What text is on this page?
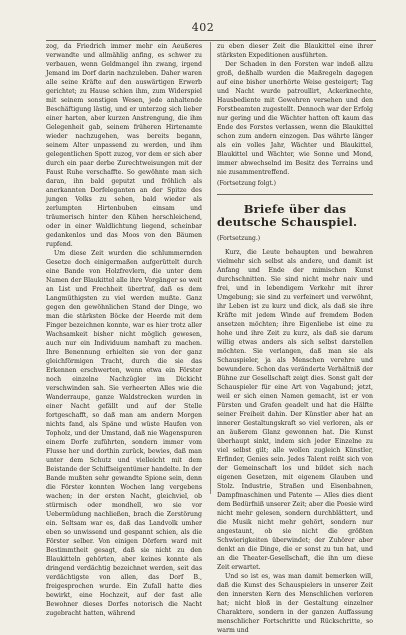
402

zog, da Friedrich immer mehr ein Aeußeres verwandte und allmählig anfing, es schwer zu verbauen, wenn Geldmangel ihn zwang, irgend Jemand im Dorf darin nachzuleben. Daher waren alle seine Kräfte auf den auswärtigen Erwerb gerichtet; zu Hause schien ihm, zum Widerspiel mit seinem sonstigen Wesen, jede anhaltende Beschäftigung lästig, und er unterzog sich lieber einer harten, aber kurzen Anstrengung, die ihm Gelegenheit gab, seinem früheren Hirtenamte wieder nachzugehen, was bereits begann, seinem Alter unpassend zu werden, und ihm gelegentlichen Spott zuzog, vor dem er sich aber durch ein paar derbe Zurechtweisungen mit der Faust Ruhe verschaffte. So gewöhnte man sich daran, ihn bald geputzt und fröhlich als anerkannten Dorfeleganten an der Spitze des jungen Volks zu sehen, bald wieder als zerlumpten Hirtenbuben einsam und träumerisch hinter den Kühen herschleichend, oder in einer Waldlichtung liegend, scheinbar gedankenlos und das Moos von den Bäumen rupfend.

Um diese Zeit wurden die schlummernden Gesetze doch einigermaßen aufgerüttelt durch eine Bande von Holzfrevlern, die unter dem Namen der Blaukittel alle ihre Vorgänger so weit an List und Frechheit übertraf, daß es dem Langmüthigsten zu viel werden mußte. Ganz gegen den gewöhnlichen Stand der Dinge, wo man die stärksten Böcke der Heerde mit dem Finger bezeichnen konnte, war es hier trotz aller Wachsamkeit bisher nicht möglich gewesen, auch nur ein Individuum namhaft zu machen. Ihre Benennung erhielten sie von der ganz gleichförmigen Tracht, durch die sie das Erkennen erschwerten, wenn etwa ein Förster noch einzelne Nachzügler im Dickicht verschwinden sah. Sie verheerten Alles wie die Wanderraupe, ganze Waldstrecken wurden in einer Nacht gefällt und auf der Stelle fortgeschafft, so daß man am andern Morgen nichts fand, als Späne und wüste Haufen von Topholz, und der Umstand, daß nie Wagenspuren einem Dorfe zuführten, sondern immer vom Flusse her und dorthin zurück, bewies, daß man unter dem Schutz und vielleicht mit dem Beistande der Schiffseigentümer handelte. In der Bande mußten sehr gewandte Spione sein, denn die Förster konnten Wochen lang vergebens wachen; in der ersten Nacht, gleichviel, ob stürmisch oder mondhell, wo sie vor Uebermüdung nachließen, brach die Zerstörung ein. Seltsam war es, daß das Landvolk umher eben so unwissend und gespannt schien, als die Förster selber. Von einigen Dörfern ward mit Bestimmtheit gesagt, daß sie nicht zu den Blaukitteln gehörten, aber keines konnte als dringend verdächtig bezeichnet werden, seit das verdächtigste von allen, das Dorf B., freigesprochen wurde. Ein Zufall hatte dies bewirkt, eine Hochzeit, auf der fast alle Bewohner dieses Dorfes notorisch die Nacht zugebracht hatten, während

zu eben dieser Zeit die Blaukittel eine ihrer stärksten Expeditionen ausführten.

Der Schaden in den Forsten war indeß allzu groß, deßhalb wurden die Maßregeln dagegen auf eine bisher unerhörte Weise gesteigert; Tag und Nacht wurde patroullirt, Ackerknechte, Hausbediente mit Gewehren versehen und den Forstbeamten zugestellt. Dennoch war der Erfolg nur gering und die Wächter hatten oft kaum das Ende des Forstes verlassen, wenn die Blaukittel schon zum andern einzogen. Das währte länger als ein volles Jahr, Wächter und Blaukittel, Blaukittel und Wächter, wie Sonne und Mond, immer abwechselnd im Besitz des Terrains und nie zusammentreffend.

(Fortsetzung folgt.)
Briefe über das deutsche Schauspiel.
(Fortsetzung.)

Kurz, die Leute behaupten und bewahren vielmehr sich selbst als andere, und damit ist Anfang und Ende der mimischen Kunst durchschnitten. Sie sind nicht mehr naiv und frei, und in lebendigem Verkehr mit ihrer Umgebung; sie sind zu verfeinert und verwöhnt, ihr Leben ist zu kurz und dick, als daß sie ihre Kräfte mit jedem Winde auf fremdem Boden ansetzen möchten; ihre Eigenliebe ist eine zu hohe und ihre Zeit zu kurz, als daß sie darum willig etwas anders als sich selbst darstellen möchten. Sie verlangen, daß man sie als Schauspieler, ja als Menschen verehre und bewundere. Schon das veränderte Verhältniß der Bühne zur Gesellschaft zeigt dies. Sonst galt der Schauspieler für eine Art von Vagabund; jetzt, weil er sich einen Namen gemacht, ist er von Fürsten und Grafen geadelt und hat die Hälfte seiner Freiheit dahin. Der Künstler aber hat an innerer Gestaltungskraft so viel verloren, als er an äußerem Glanz gewonnen hat. Die Kunst überhaupt sinkt, indem sich jeder Einzelne zu viel selbst gilt; alle wollen zugleich Künstler, Erfinder, Genies sein. Jedes Talent reißt sich von der Gemeinschaft los und bildet sich nach eigenen Gesetzen, mit eigenem Glauben und Stolz. Industrie, Straßen und Eisenbahnen, Dampfmaschinen und Patente — Alles dies dient dem Bedürfniß unserer Zeit; aber die Poesie wird nicht mehr gelesen, sondern durchblättert, und die Musik nicht mehr gehört, sondern nur angestaunt, ob sie nicht die größten Schwierigkeiten überwindet; der Zuhörer aber denkt an die Dinge, die er sonst zu tun hat, und an die Theater-Gesellschaft, die ihn um diese Zeit erwartet.

Und so ist es, was man damit bemerken will, daß die Kunst des Schauspielers in unserer Zeit den innersten Kern des Menschlichen verloren hat; nicht bloß in der Gestaltung einzelner Charaktere, sondern in der ganzen Auffassung menschlicher Fortschritte und Rückschritte, so warm und
